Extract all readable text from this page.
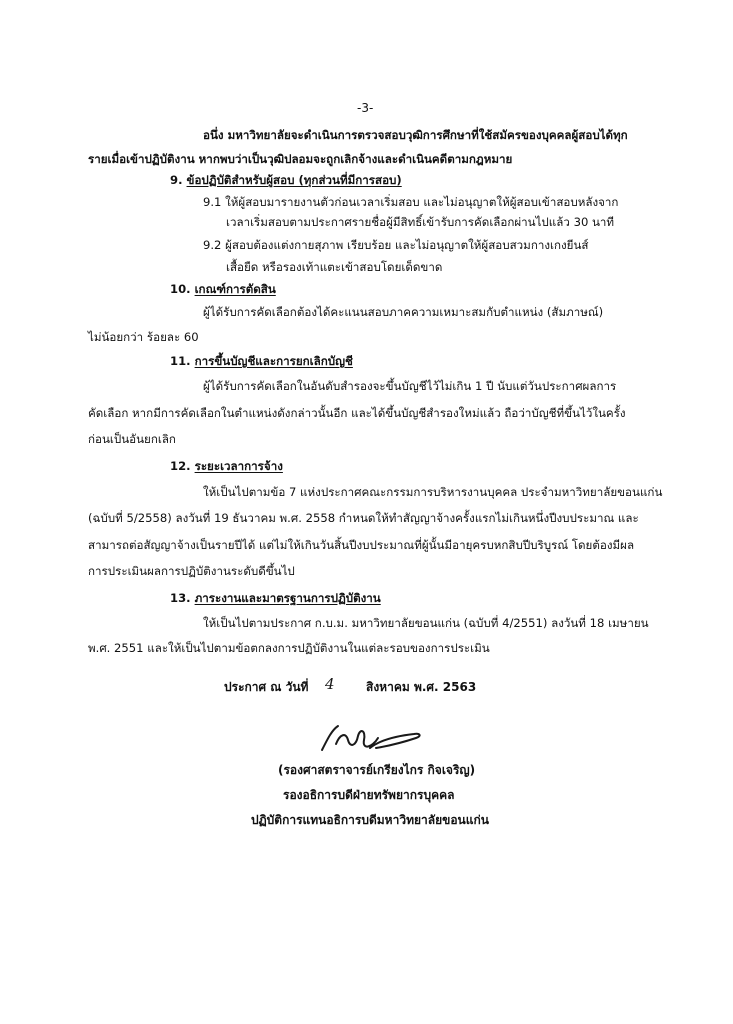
-3-
อนึ่ง มหาวิทยาลัยจะดำเนินการตรวจสอบวุฒิการศึกษาที่ใช้สมัครของบุคคลผู้สอบได้ทุก
รายเมื่อเข้าปฏิบัติงาน หากพบว่าเป็นวุฒิปลอมจะถูกเลิกจ้างและดำเนินคดีตามกฎหมาย
9. ข้อปฏิบัติสำหรับผู้สอบ (ทุกส่วนที่มีการสอบ)
9.1 ให้ผู้สอบมารายงานตัวก่อนเวลาเริ่มสอบ และไม่อนุญาตให้ผู้สอบเข้าสอบหลังจาก
เวลาเริ่มสอบตามประกาศรายชื่อผู้มีสิทธิ์เข้ารับการคัดเลือกผ่านไปแล้ว 30 นาที
9.2 ผู้สอบต้องแต่งกายสุภาพ เรียบร้อย และไม่อนุญาตให้ผู้สอบสวมกางเกงยีนส์
เสื้อยืด หรือรองเท้าแตะเข้าสอบโดยเด็ดขาด
10. เกณฑ์การตัดสิน
ผู้ได้รับการคัดเลือกต้องได้คะแนนสอบภาคความเหมาะสมกับตำแหน่ง (สัมภาษณ์)
ไม่น้อยกว่า ร้อยละ 60
11. การขึ้นบัญชีและการยกเลิกบัญชี
ผู้ได้รับการคัดเลือกในอันดับสำรองจะขึ้นบัญชีไว้ไม่เกิน 1 ปี นับแต่วันประกาศผลการ
คัดเลือก หากมีการคัดเลือกในตำแหน่งดังกล่าวนั้นอีก และได้ขึ้นบัญชีสำรองใหม่แล้ว ถือว่าบัญชีที่ขึ้นไว้ในครั้ง
ก่อนเป็นอันยกเลิก
12. ระยะเวลาการจ้าง
ให้เป็นไปตามข้อ 7 แห่งประกาศคณะกรรมการบริหารงานบุคคล ประจำมหาวิทยาลัยขอนแก่น
(ฉบับที่ 5/2558) ลงวันที่ 19 ธันวาคม พ.ศ. 2558 กำหนดให้ทำสัญญาจ้างครั้งแรกไม่เกินหนึ่งปีงบประมาณ และ
สามารถต่อสัญญาจ้างเป็นรายปีได้ แต่ไม่ให้เกินวันสิ้นปีงบประมาณที่ผู้นั้นมีอายุครบหกสิบปีบริบูรณ์ โดยต้องมีผล
การประเมินผลการปฏิบัติงานระดับดีขึ้นไป
13. ภาระงานและมาตรฐานการปฏิบัติงาน
ให้เป็นไปตามประกาศ ก.บ.ม. มหาวิทยาลัยขอนแก่น (ฉบับที่ 4/2551) ลงวันที่ 18 เมษายน
พ.ศ. 2551 และให้เป็นไปตามข้อตกลงการปฏิบัติงานในแต่ละรอบของการประเมิน
ประกาศ ณ วันที่ 4	สิงหาคม พ.ศ. 2563
(รองศาสตราจารย์เกรียงไกร กิจเจริญ)
รองอธิการบดีฝ่ายทรัพยากรบุคคล
ปฏิบัติการแทนอธิการบดีมหาวิทยาลัยขอนแก่น
